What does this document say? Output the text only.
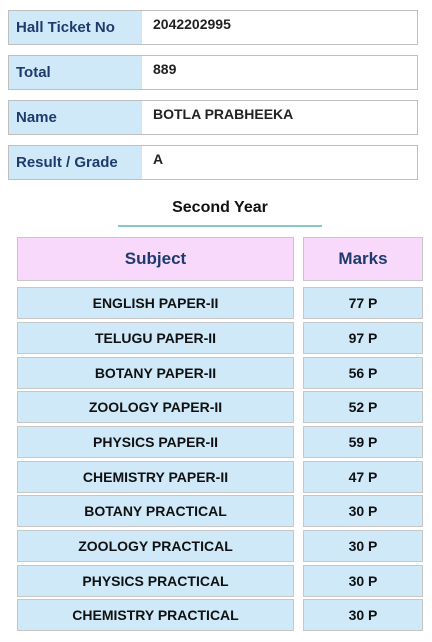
Hall Ticket No	2042202995
Total	889
Name	BOTLA PRABHEEKA
Result / Grade	A
Second Year
Subject	Marks
ENGLISH PAPER-II	77 P
TELUGU PAPER-II	97 P
BOTANY PAPER-II	56 P
ZOOLOGY PAPER-II	52 P
PHYSICS PAPER-II	59 P
CHEMISTRY PAPER-II	47 P
BOTANY PRACTICAL	30 P
ZOOLOGY PRACTICAL	30 P
PHYSICS PRACTICAL	30 P
CHEMISTRY PRACTICAL	30 P
